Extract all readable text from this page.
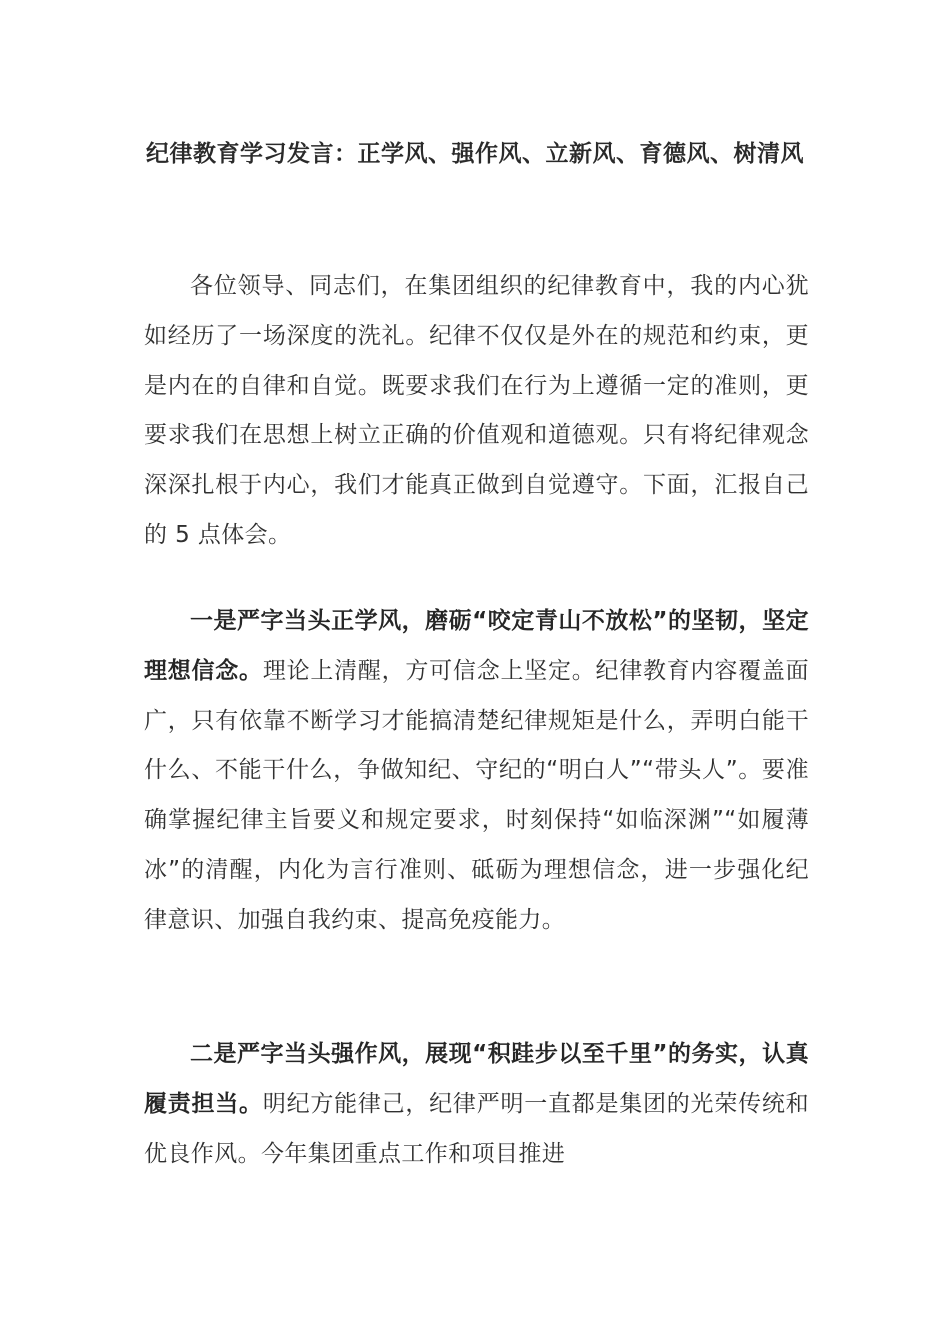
纪律教育学习发言：正学风、强作风、立新风、育德风、树清风

各位领导、同志们，在集团组织的纪律教育中，我的内心犹如经历了一场深度的洗礼。纪律不仅仅是外在的规范和约束，更是内在的自律和自觉。既要求我们在行为上遵循一定的准则，更要求我们在思想上树立正确的价值观和道德观。只有将纪律观念深深扎根于内心，我们才能真正做到自觉遵守。下面，汇报自己的 5 点体会。

一是严字当头正学风，磨砺“咬定青山不放松”的坚韧，坚定理想信念。理论上清醒，方可信念上坚定。纪律教育内容覆盖面广，只有依靠不断学习才能搞清楚纪律规矩是什么，弄明白能干什么、不能干什么，争做知纪、守纪的“明白人”“带头人”。要准确掌握纪律主旨要义和规定要求，时刻保持“如临深渊”“如履薄冰”的清醒，内化为言行准则、砥砺为理想信念，进一步强化纪律意识、加强自我约束、提高免疫能力。

二是严字当头强作风，展现“积跬步以至千里”的务实，认真履责担当。明纪方能律己，纪律严明一直都是集团的光荣传统和优良作风。今年集团重点工作和项目推进
